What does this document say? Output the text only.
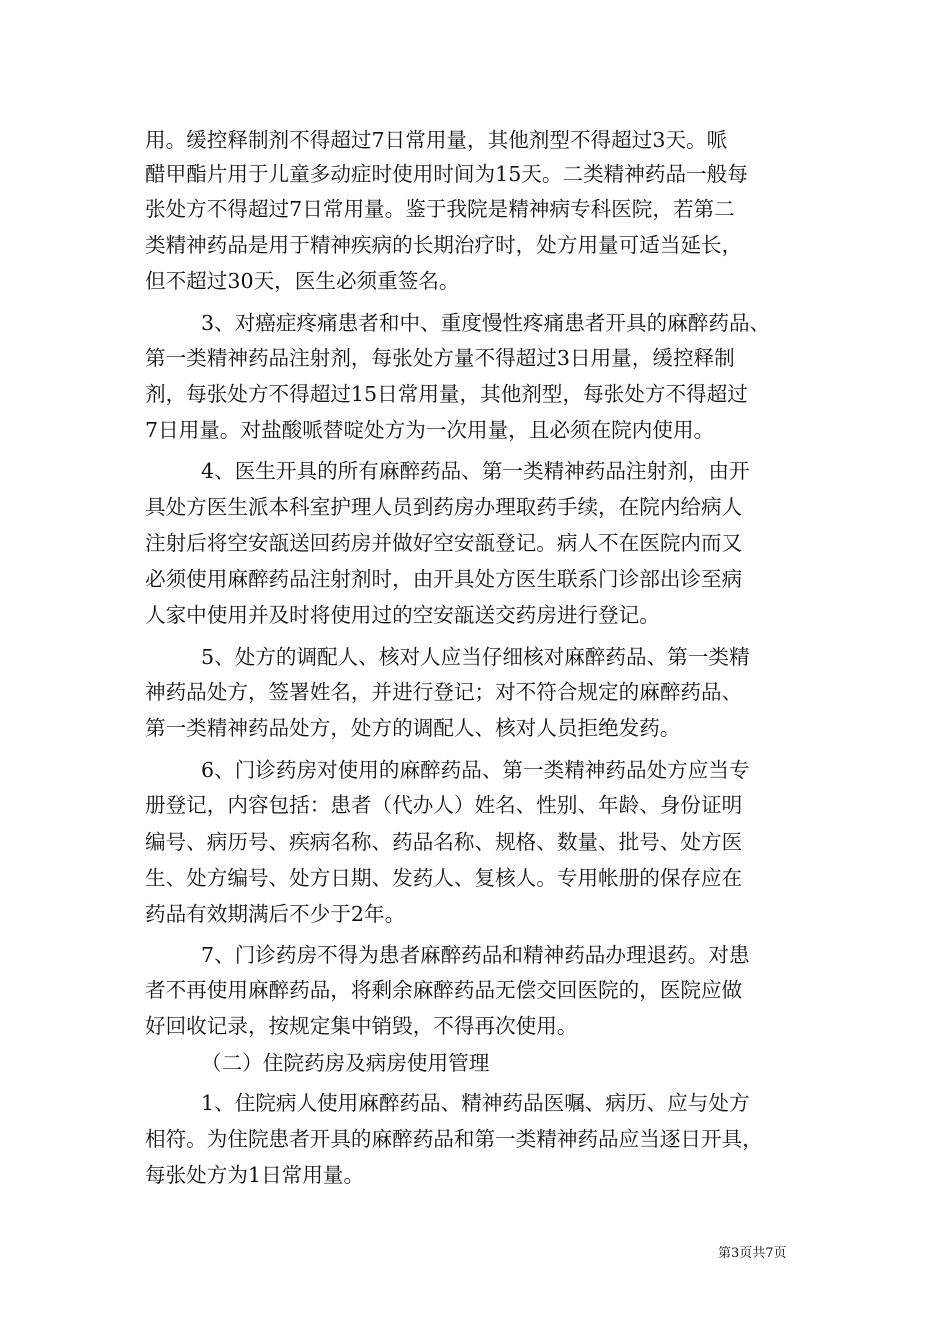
用。缓控释制剂不得超过7日常用量，其他剂型不得超过3天。哌
醋甲酯片用于儿童多动症时使用时间为15天。二类精神药品一般每
张处方不得超过7日常用量。鉴于我院是精神病专科医院，若第二
类精神药品是用于精神疾病的长期治疗时，处方用量可适当延长，
但不超过30天，医生必须重签名。
3、对癌症疼痛患者和中、重度慢性疼痛患者开具的麻醉药品、
第一类精神药品注射剂，每张处方量不得超过3日用量，缓控释制
剂，每张处方不得超过15日常用量，其他剂型，每张处方不得超过
7日用量。对盐酸哌替啶处方为一次用量，且必须在院内使用。
4、医生开具的所有麻醉药品、第一类精神药品注射剂，由开
具处方医生派本科室护理人员到药房办理取药手续，在院内给病人
注射后将空安瓿送回药房并做好空安瓿登记。病人不在医院内而又
必须使用麻醉药品注射剂时，由开具处方医生联系门诊部出诊至病
人家中使用并及时将使用过的空安瓿送交药房进行登记。
5、处方的调配人、核对人应当仔细核对麻醉药品、第一类精
神药品处方，签署姓名，并进行登记；对不符合规定的麻醉药品、
第一类精神药品处方，处方的调配人、核对人员拒绝发药。
6、门诊药房对使用的麻醉药品、第一类精神药品处方应当专
册登记，内容包括：患者（代办人）姓名、性别、年龄、身份证明
编号、病历号、疾病名称、药品名称、规格、数量、批号、处方医
生、处方编号、处方日期、发药人、复核人。专用帐册的保存应在
药品有效期满后不少于2年。
7、门诊药房不得为患者麻醉药品和精神药品办理退药。对患
者不再使用麻醉药品，将剩余麻醉药品无偿交回医院的，医院应做
好回收记录，按规定集中销毁，不得再次使用。
（二）住院药房及病房使用管理
1、住院病人使用麻醉药品、精神药品医嘱、病历、应与处方
相符。为住院患者开具的麻醉药品和第一类精神药品应当逐日开具，
每张处方为1日常用量。
第3页共7页
